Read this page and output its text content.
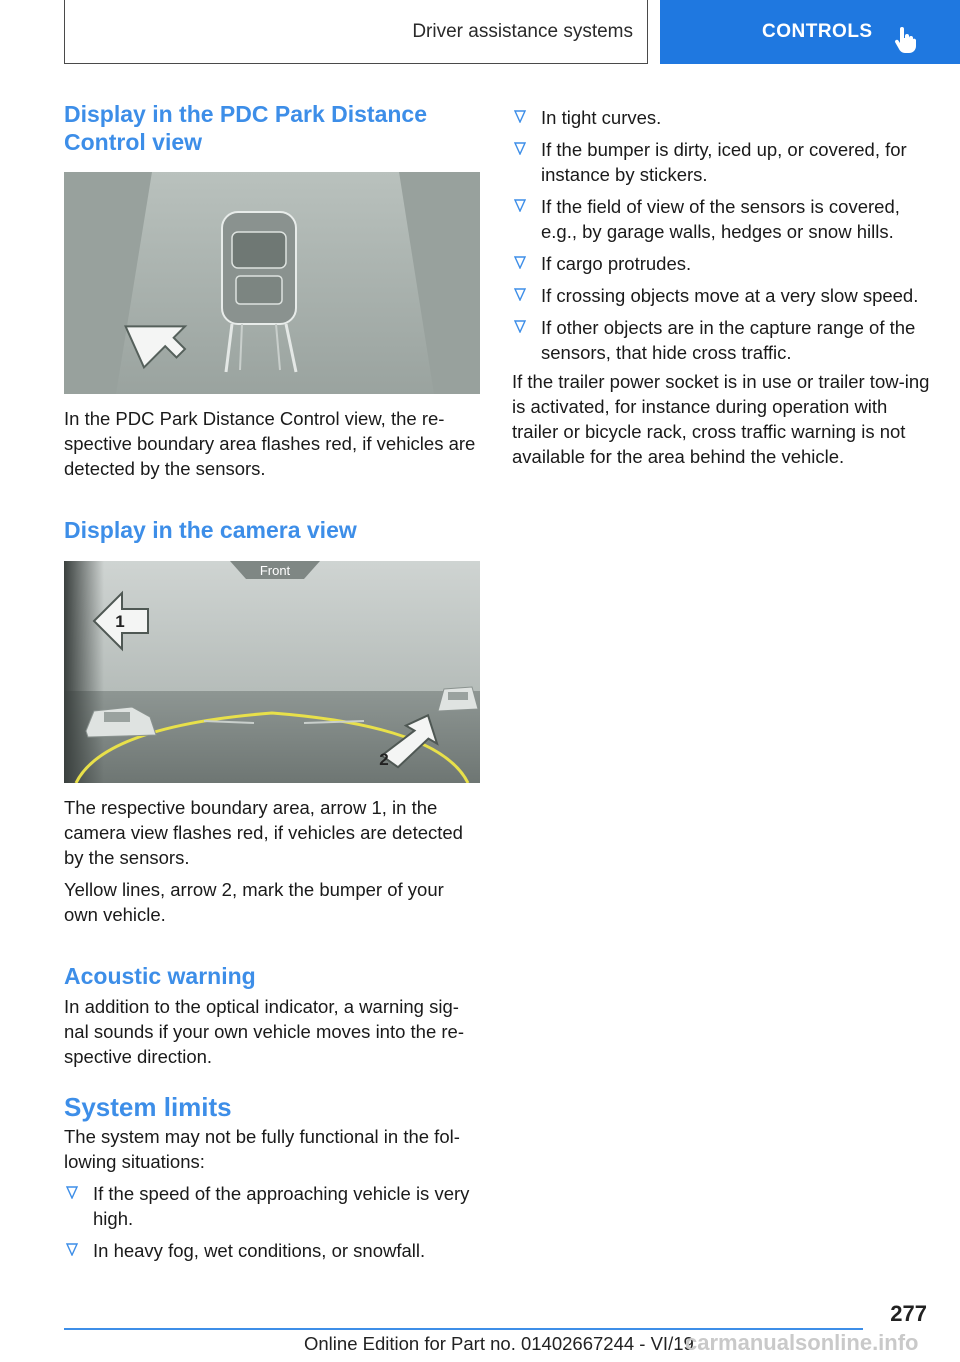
Driver assistance systems	CONTROLS
Display in the PDC Park Distance Control view

In the PDC Park Distance Control view, the re-spective boundary area flashes red, if vehicles are detected by the sensors.

Display in the camera view
Front
1
2

The respective boundary area, arrow 1, in the camera view flashes red, if vehicles are detected by the sensors.

Yellow lines, arrow 2, mark the bumper of your own vehicle.

Acoustic warning

In addition to the optical indicator, a warning sig-nal sounds if your own vehicle moves into the re-spective direction.

System limits

The system may not be fully functional in the fol-lowing situations:

If the speed of the approaching vehicle is very high.
In heavy fog, wet conditions, or snowfall.
In tight curves.
If the bumper is dirty, iced up, or covered, for instance by stickers.
If the field of view of the sensors is covered, e.g., by garage walls, hedges or snow hills.
If cargo protrudes.
If crossing objects move at a very slow speed.
If other objects are in the capture range of the sensors, that hide cross traffic.

If the trailer power socket is in use or trailer tow-ing is activated, for instance during operation with trailer or bicycle rack, cross traffic warning is not available for the area behind the vehicle.

277
Online Edition for Part no. 01402667244 - VI/19
carmanualsonline.info
